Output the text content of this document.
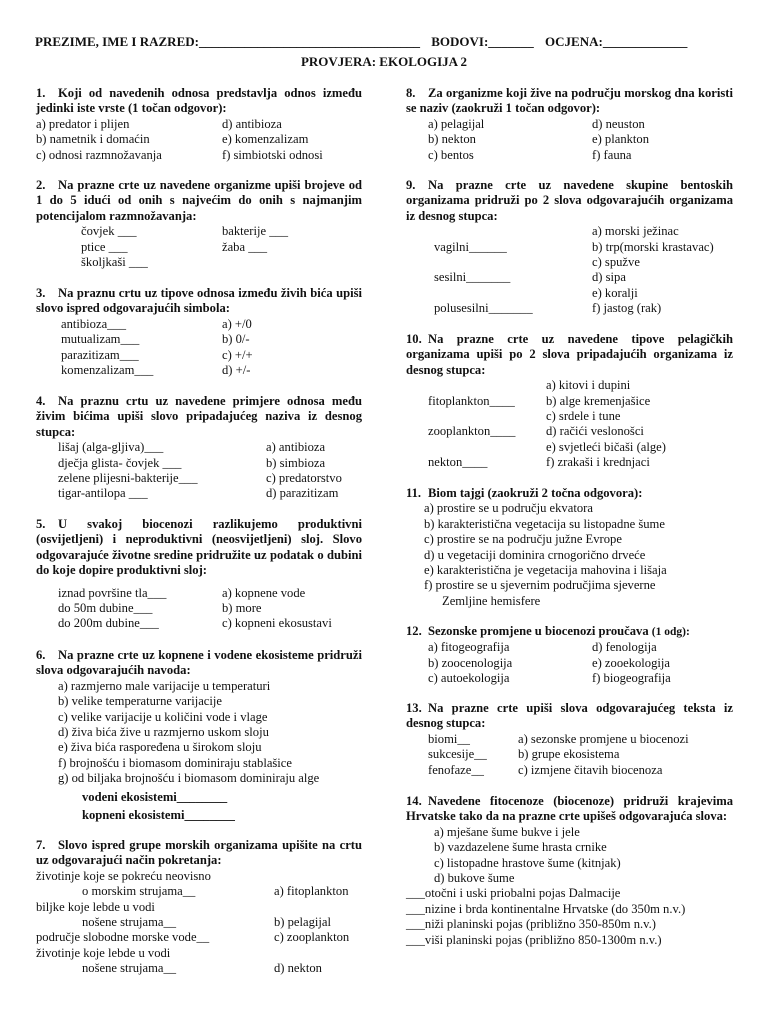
PREZIME, IME I RAZRED:__________________________________ BODOVI:_______ OCJENA:_____________
PROVJERA: EKOLOGIJA 2
1. Koji od navedenih odnosa predstavlja odnos između jedinki iste vrste (1 točan odgovor):
a) predator i plijen	d) antibioza
b) nametnik i domaćin	e) komenzalizam
c) odnosi razmnožavanja	f) simbiotski odnosi
2. Na prazne crte uz navedene organizme upiši brojeve od 1 do 5 idući od onih s najvećim do onih s najmanjim potencijalom razmnožavanja:
čovjek ___	bakterije ___
ptice ___	žaba ___
školjkaši ___
3. Na praznu crtu uz tipove odnosa između živih bića upiši slovo ispred odgovarajućih simbola:
antibioza___	a) +/0
mutualizam___	b) 0/-
parazitizam___	c) +/+
komenzalizam___	d) +/-
4. Na praznu crtu uz navedene primjere odnosa među živim bićima upiši slovo pripadajućeg naziva iz desnog stupca:
lišaj (alga-gljiva)___	a) antibioza
dječja glista- čovjek ___	b) simbioza
zelene plijesni-bakterije___	c) predatorstvo
tigar-antilopa ___	d) parazitizam
5. U svakoj biocenozi razlikujemo produktivni (osvijetljeni) i neproduktivni (neosvijetljeni) sloj. Slovo odgovarajuće životne sredine pridružite uz podatak o dubini do koje dopire produktivni sloj:
iznad površine tla___	a) kopnene vode
do 50m dubine___	b) more
do 200m dubine___	c) kopneni ekosustavi
6. Na prazne crte uz kopnene i vodene ekosisteme pridruži slova odgovarajućih navoda:
a) razmjerno male varijacije u temperaturi
b) velike temperaturne varijacije
c) velike varijacije u količini vode i vlage
d) živa bića žive u razmjerno uskom sloju
e) živa bića raspoređena u širokom sloju
f) brojnošću i biomasom dominiraju stablašice
g) od biljaka brojnošću i biomasom dominiraju alge
vodeni ekosistemi________
kopneni ekosistemi________
7. Slovo ispred grupe morskih organizama upišite na crtu uz odgovarajući način pokretanja:
životinje koje se pokreću neovisno
o morskim strujama__	a) fitoplankton
biljke koje lebde u vodi
nošene strujama__	b) pelagijal
područje slobodne morske vode__	c) zooplankton
životinje koje lebde u vodi
nošene strujama__	d) nekton
8. Za organizme koji žive na području morskog dna koristi se naziv (zaokruži 1 točan odgovor):
a) pelagijal	d) neuston
b) nekton	e) plankton
c) bentos	f) fauna
9. Na prazne crte uz navedene skupine bentoskih organizama pridruži po 2 slova odgovarajućih organizama iz desnog stupca:
a) morski ježinac
vagilni______	b) trp(morski krastavac)
c) spužve
sesilni_______	d) sipa
e) koralji
polusesilni_______	f) jastog (rak)
10. Na prazne crte uz navedene tipove pelagičkih organizama upiši po 2 slova pripadajućih organizama iz desnog stupca:
a) kitovi i dupini
fitoplankton____ b) alge kremenjašice
c) srdele i tune
zooplankton____ d) račići veslonošci
e) svjetleći bičaši (alge)
nekton____	f) zrakaši i krednjaci
11. Biom tajgi (zaokruži 2 točna odgovora):
a) prostire se u području ekvatora
b) karakteristična vegetacija su listopadne šume
c) prostire se na području južne Evrope
d) u vegetaciji dominira crnogorično drveće
e) karakteristična je vegetacija mahovina i lišaja
f) prostire se u sjevernim područjima sjeverne
Zemljine hemisfere
12. Sezonske promjene u biocenozi proučava (1 odg):
a) fitogeografija	d) fenologija
b) zoocenologija	e) zooekologija
c) autoekologija	f) biogeografija
13. Na prazne crte upiši slova odgovarajućeg teksta iz desnog stupca:
biomi__	a) sezonske promjene u biocenozi
sukcesije__ b) grupe ekosistema
fenofaze__	c) izmjene čitavih biocenoza
14. Navedene fitocenoze (biocenoze) pridruži krajevima Hrvatske tako da na prazne crte upišeš odgovarajuća slova:
a) mješane šume bukve i jele
b) vazdazelene šume hrasta crnike
c) listopadne hrastove šume (kitnjak)
d) bukove šume
___otočni i uski priobalni pojas Dalmacije
___nizine i brda kontinentalne Hrvatske (do 350m n.v.)
___niži planinski pojas (približno 350-850m n.v.)
___viši planinski pojas (približno 850-1300m n.v.)
